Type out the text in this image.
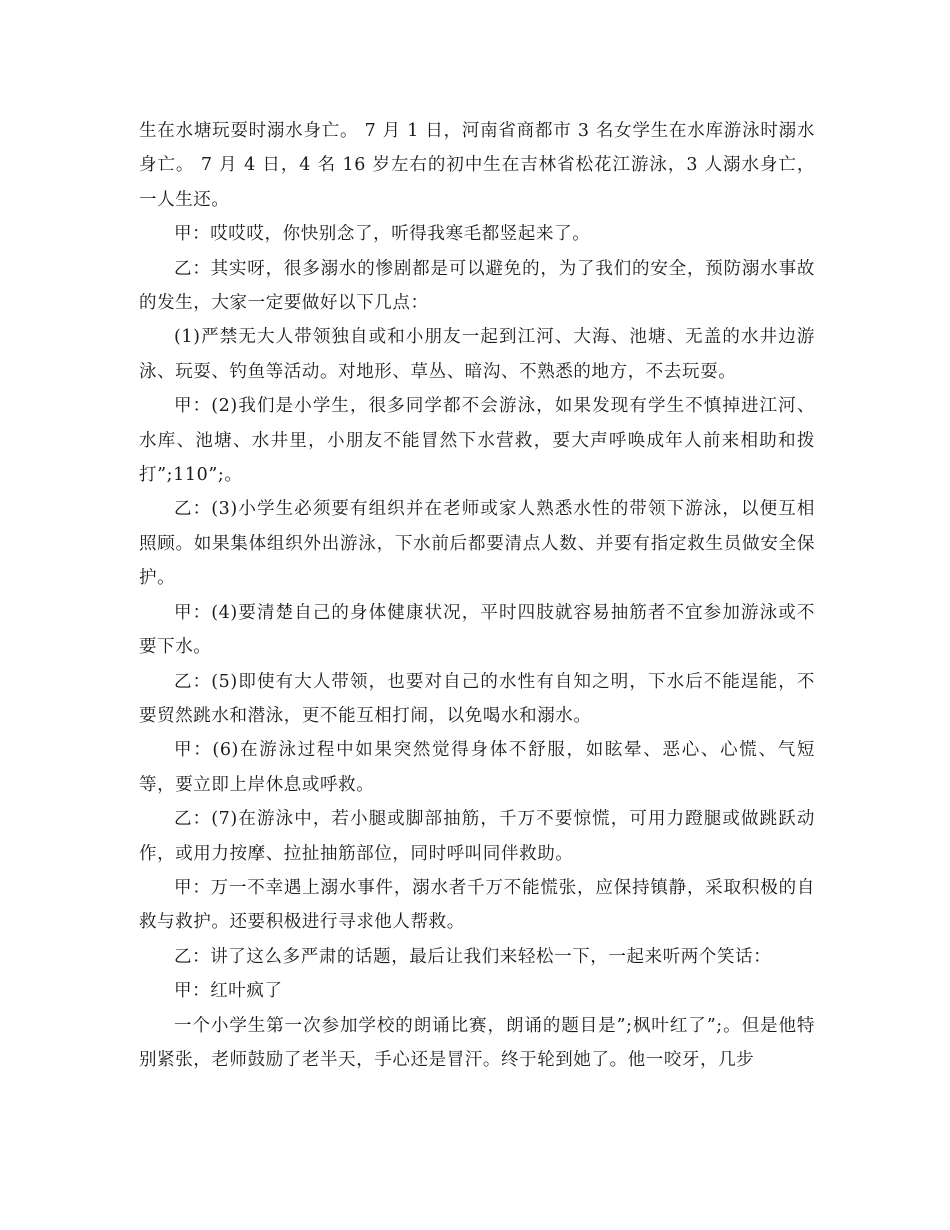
生在水塘玩耍时溺水身亡。 7 月 1 日，河南省商都市 3 名女学生在水库游泳时溺水身亡。 7 月 4 日，4 名 16 岁左右的初中生在吉林省松花江游泳，3 人溺水身亡，一人生还。

甲：哎哎哎，你快别念了，听得我寒毛都竖起来了。

乙：其实呀，很多溺水的惨剧都是可以避免的，为了我们的安全，预防溺水事故的发生，大家一定要做好以下几点：

(1)严禁无大人带领独自或和小朋友一起到江河、大海、池塘、无盖的水井边游泳、玩耍、钓鱼等活动。对地形、草丛、暗沟、不熟悉的地方，不去玩耍。

甲：(2)我们是小学生，很多同学都不会游泳，如果发现有学生不慎掉进江河、水库、池塘、水井里，小朋友不能冒然下水营救，要大声呼唤成年人前来相助和拨打”;110”;。

乙：(3)小学生必须要有组织并在老师或家人熟悉水性的带领下游泳，以便互相照顾。如果集体组织外出游泳，下水前后都要清点人数、并要有指定救生员做安全保护。

甲：(4)要清楚自己的身体健康状况，平时四肢就容易抽筋者不宜参加游泳或不要下水。

乙：(5)即使有大人带领，也要对自己的水性有自知之明，下水后不能逞能，不要贸然跳水和潜泳，更不能互相打闹，以免喝水和溺水。

甲：(6)在游泳过程中如果突然觉得身体不舒服，如眩晕、恶心、心慌、气短等，要立即上岸休息或呼救。

乙：(7)在游泳中，若小腿或脚部抽筋，千万不要惊慌，可用力蹬腿或做跳跃动作，或用力按摩、拉扯抽筋部位，同时呼叫同伴救助。

甲：万一不幸遇上溺水事件，溺水者千万不能慌张，应保持镇静，采取积极的自救与救护。还要积极进行寻求他人帮救。

乙：讲了这么多严肃的话题，最后让我们来轻松一下，一起来听两个笑话：

甲：红叶疯了

一个小学生第一次参加学校的朗诵比赛，朗诵的题目是”;枫叶红了”;。但是他特别紧张，老师鼓励了老半天，手心还是冒汗。终于轮到她了。他一咬牙，几步
